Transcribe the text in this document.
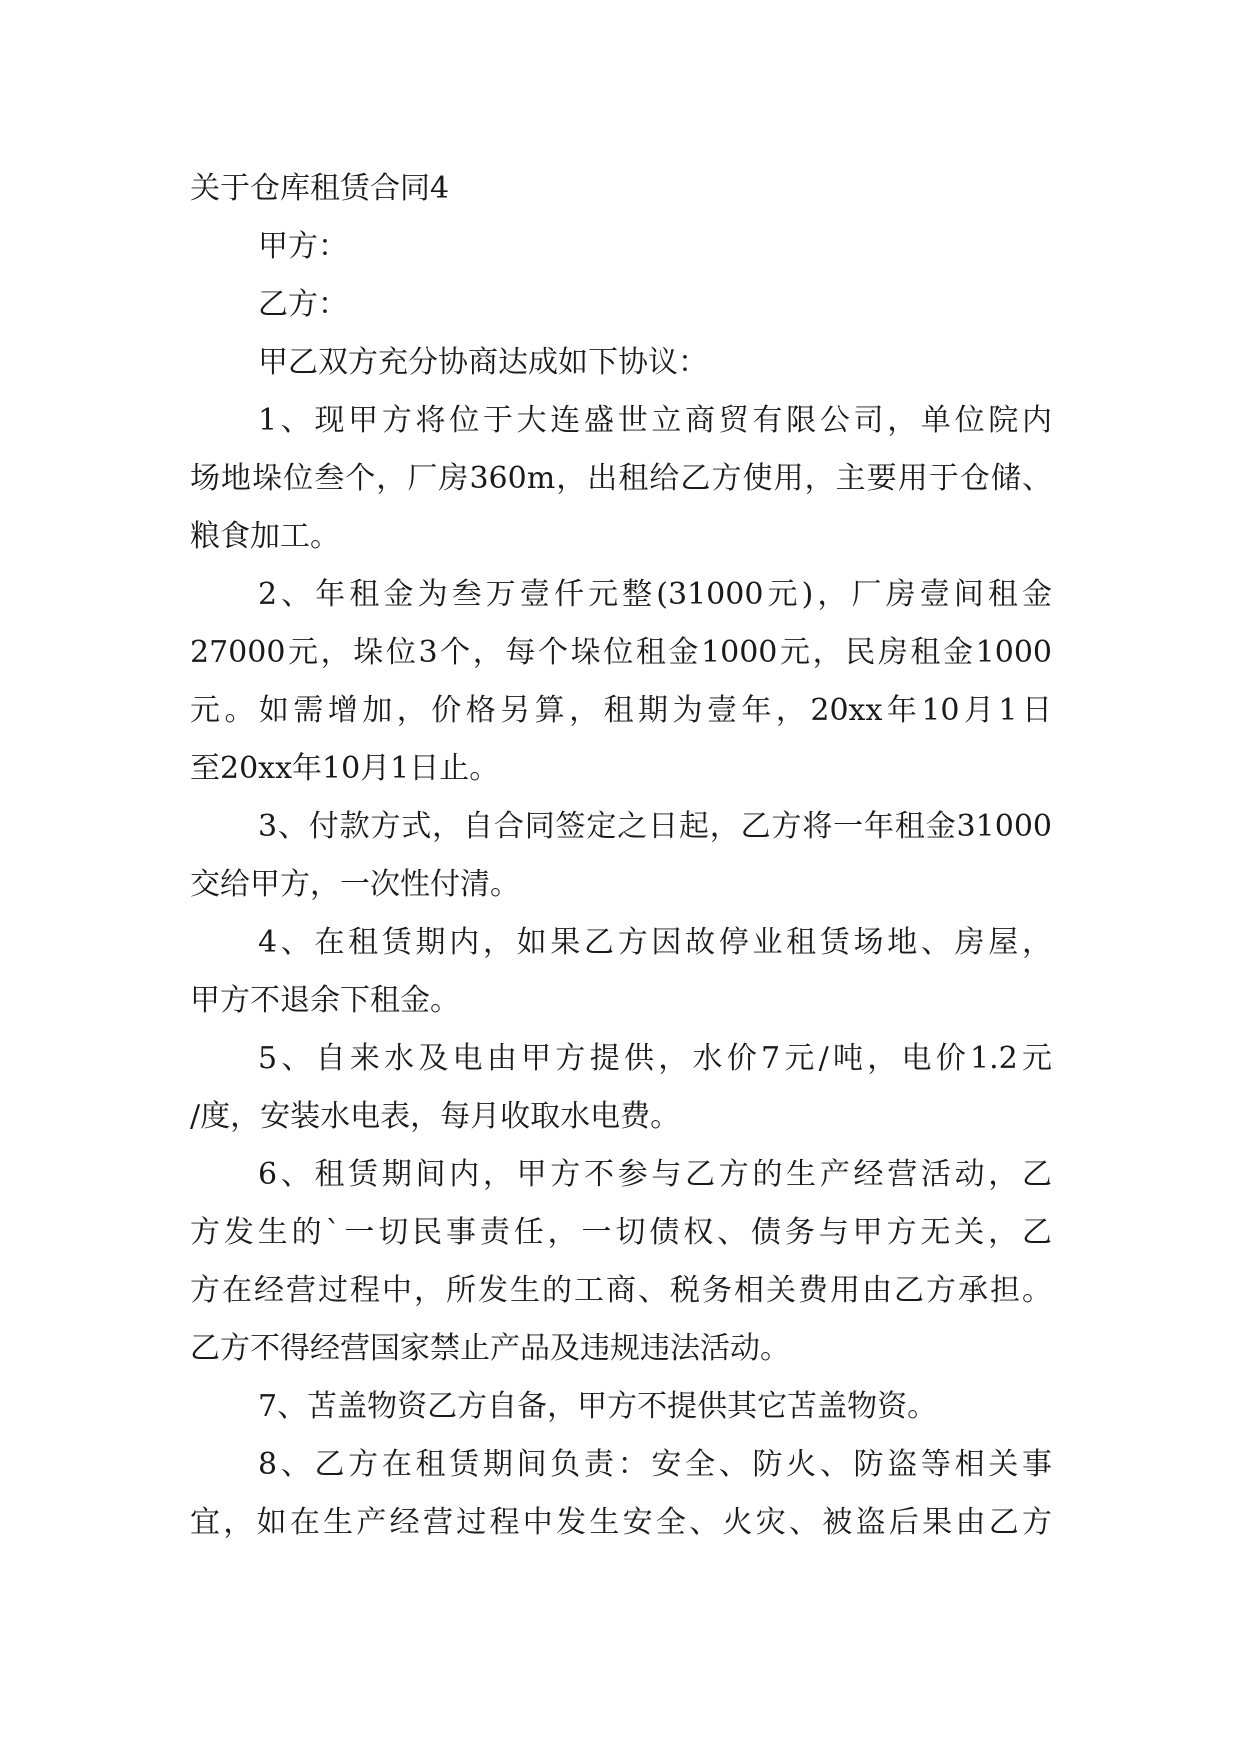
关于仓库租赁合同4
甲方：
乙方：
甲乙双方充分协商达成如下协议：
1、现甲方将位于大连盛世立商贸有限公司，单位院内
场地垛位叁个，厂房360m，出租给乙方使用，主要用于仓储、
粮食加工。
2、年租金为叁万壹仟元整(31000元)，厂房壹间租金
27000元，垛位3个，每个垛位租金1000元，民房租金1000
元。如需增加，价格另算，租期为壹年，20xx年10月1日
至20xx年10月1日止。
3、付款方式，自合同签定之日起，乙方将一年租金31000
交给甲方，一次性付清。
4、在租赁期内，如果乙方因故停业租赁场地、房屋，
甲方不退余下租金。
5、自来水及电由甲方提供，水价7元/吨，电价1.2元
/度，安装水电表，每月收取水电费。
6、租赁期间内，甲方不参与乙方的生产经营活动，乙
方发生的`一切民事责任，一切债权、债务与甲方无关，乙
方在经营过程中，所发生的工商、税务相关费用由乙方承担。
乙方不得经营国家禁止产品及违规违法活动。
7、苫盖物资乙方自备，甲方不提供其它苫盖物资。
8、乙方在租赁期间负责：安全、防火、防盗等相关事
宜，如在生产经营过程中发生安全、火灾、被盗后果由乙方
